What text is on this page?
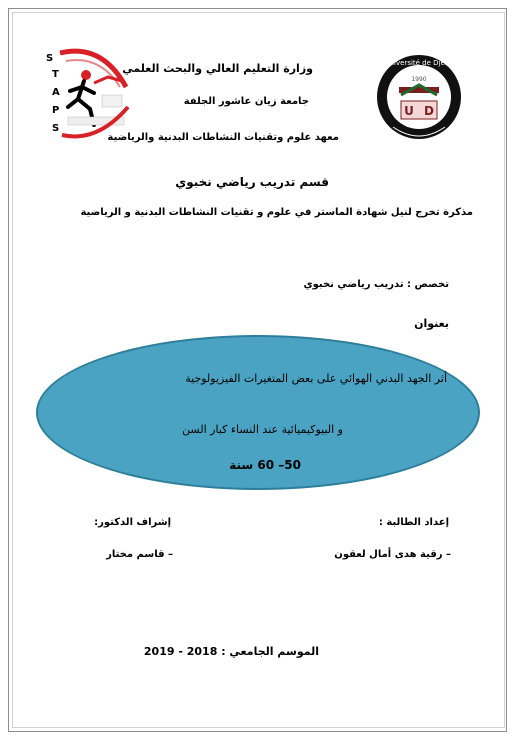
S
T
A
P
S
Université de Djelfa
1990
U D
وزارة التعليم العالي والبحث العلمي
جامعة زيان عاشور الجلفة
معهد علوم وتقنيات النشاطات البدنية والرياضية
قسم تدريب رياضي نخبوي
مذكرة تخرج لنيل شهادة الماستر في علوم و تقنيات النشاطات البدنية و الرياضية
تخصص : تدريب رياضي نخبوي
بعنوان
أثر الجهد البدني الهوائي على بعض المتغيرات الفيزيولوجية
و البيوكيميائية عند النساء كبار السن
50– 60 سنة
إعداد الطالبة :
إشراف الدكتور:
– رقية هدى أمال لعقون
– قاسم مختار
الموسم الجامعي : 2018 - 2019
